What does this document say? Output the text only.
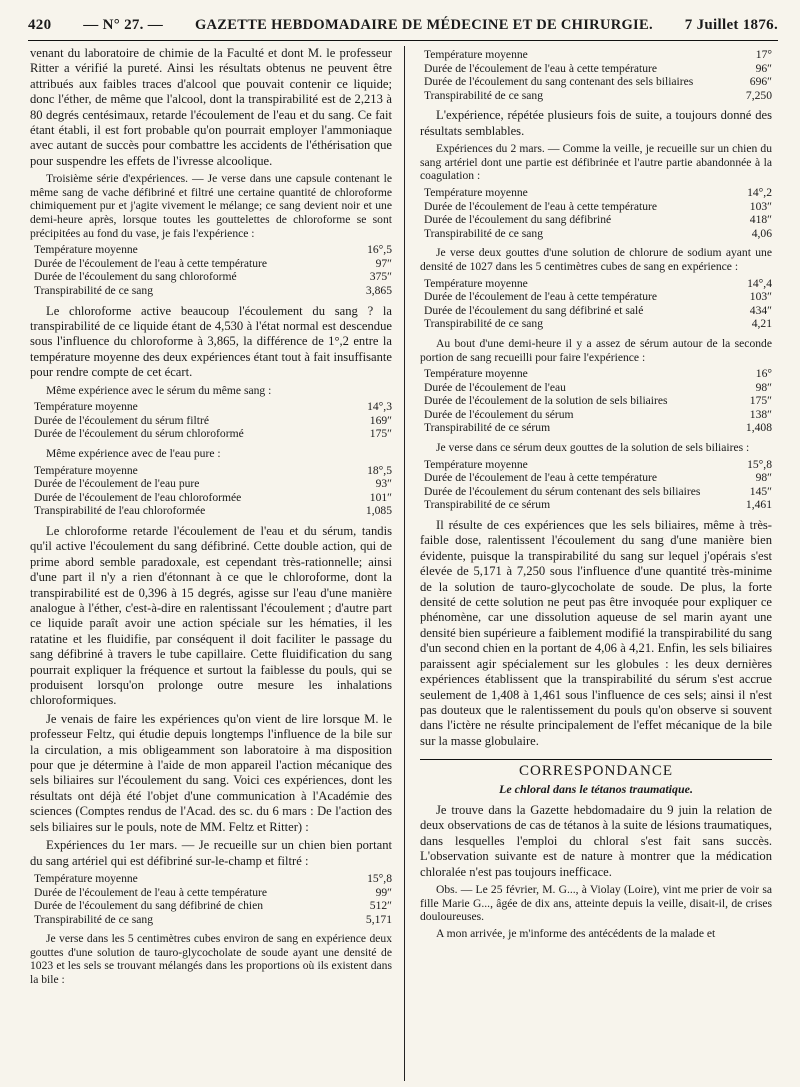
420 — N° 27. — GAZETTE HEBDOMADAIRE DE MÉDECINE ET DE CHIRURGIE. 7 Juillet 1876.

venant du laboratoire de chimie de la Faculté et dont M. le professeur Ritter a vérifié la pureté. Ainsi les résultats obtenus ne peuvent être attribués aux faibles traces d'alcool que pouvait contenir ce liquide; donc l'éther, de même que l'alcool, dont la transpirabilité est de 2,213 à 80 degrés centésimaux, retarde l'écoulement de l'eau et du sang. Ce fait étant établi, il est fort probable qu'on pourrait employer l'ammoniaque avec autant de succès pour combattre les accidents de l'éthérisation que pour suspendre les effets de l'ivresse alcoolique.

Troisième série d'expériences. — Je verse dans une capsule contenant le même sang de vache défibriné et filtré une certaine quantité de chloroforme chimiquement pur et j'agite vivement le mélange; ce sang devient noir et une demi-heure après, lorsque toutes les gouttelettes de chloroforme se sont précipitées au fond du vase, je fais l'expérience :

Température moyenne	16°,5
Durée de l'écoulement de l'eau à cette température	97″
Durée de l'écoulement du sang chloroformé	375″
Transpirabilité de ce sang	3,865

Le chloroforme active beaucoup l'écoulement du sang ? la transpirabilité de ce liquide étant de 4,530 à l'état normal est descendue sous l'influence du chloroforme à 3,865, la différence de 1°,2 entre la température moyenne des deux expériences étant tout à fait insuffisante pour rendre compte de cet écart.

Même expérience avec le sérum du même sang :

Température moyenne	14°,3
Durée de l'écoulement du sérum filtré	169″
Durée de l'écoulement du sérum chloroformé	175″

Même expérience avec de l'eau pure :

Température moyenne	18°,5
Durée de l'écoulement de l'eau pure	93″
Durée de l'écoulement de l'eau chloroformée	101″
Transpirabilité de l'eau chloroformée	1,085

Le chloroforme retarde l'écoulement de l'eau et du sérum, tandis qu'il active l'écoulement du sang défibriné. Cette double action, qui de prime abord semble paradoxale, est cependant très-rationnelle; ainsi d'une part il n'y a rien d'étonnant à ce que le chloroforme, dont la transpirabilité est de 0,396 à 15 degrés, agisse sur l'eau d'une manière analogue à l'éther, c'est-à-dire en ralentissant l'écoulement ; d'autre part ce liquide paraît avoir une action spéciale sur les hématies, il les ratatine et les fluidifie, par conséquent il doit faciliter le passage du sang défibriné à travers le tube capillaire. Cette fluidification du sang pourrait expliquer la fréquence et surtout la faiblesse du pouls, qui se produisent lorsqu'on prolonge outre mesure les inhalations chloroformiques.

Je venais de faire les expériences qu'on vient de lire lorsque M. le professeur Feltz, qui étudie depuis longtemps l'influence de la bile sur la circulation, a mis obligeamment son laboratoire à ma disposition pour que je détermine à l'aide de mon appareil l'action mécanique des sels biliaires sur l'écoulement du sang. Voici ces expériences, dont les résultats ont déjà été l'objet d'une communication à l'Académie des sciences (Comptes rendus de l'Acad. des sc. du 6 mars : De l'action des sels biliaires sur le pouls, note de MM. Feltz et Ritter) :

Expériences du 1er mars. — Je recueille sur un chien bien portant du sang artériel qui est défibriné sur-le-champ et filtré :

Température moyenne	15°,8
Durée de l'écoulement de l'eau à cette température	99″
Durée de l'écoulement du sang défibriné de chien	512″
Transpirabilité de ce sang	5,171

Je verse dans les 5 centimètres cubes environ de sang en expérience deux gouttes d'une solution de tauro-glycocholate de soude ayant une densité de 1023 et les sels se trouvant mélangés dans les proportions où ils existent dans la bile :

Température moyenne	17°
Durée de l'écoulement de l'eau à cette température	96″
Durée de l'écoulement du sang contenant des sels biliaires	696″
Transpirabilité de ce sang	7,250

L'expérience, répétée plusieurs fois de suite, a toujours donné des résultats semblables.

Expériences du 2 mars. — Comme la veille, je recueille sur un chien du sang artériel dont une partie est défibrinée et l'autre partie abandonnée à la coagulation :

Température moyenne	14°,2
Durée de l'écoulement de l'eau à cette température	103″
Durée de l'écoulement du sang défibriné	418″
Transpirabilité de ce sang	4,06

Je verse deux gouttes d'une solution de chlorure de sodium ayant une densité de 1027 dans les 5 centimètres cubes de sang en expérience :

Température moyenne	14°,4
Durée de l'écoulement de l'eau à cette température	103″
Durée de l'écoulement du sang défibriné et salé	434″
Transpirabilité de ce sang	4,21

Au bout d'une demi-heure il y a assez de sérum autour de la seconde portion de sang recueilli pour faire l'expérience :

Température moyenne	16°
Durée de l'écoulement de l'eau	98″
Durée de l'écoulement de la solution de sels biliaires	175″
Durée de l'écoulement du sérum	138″
Transpirabilité de ce sérum	1,408

Je verse dans ce sérum deux gouttes de la solution de sels biliaires :

Température moyenne	15°,8
Durée de l'écoulement de l'eau à cette température	98″
Durée de l'écoulement du sérum contenant des sels biliaires	145″
Transpirabilité de ce sérum	1,461

Il résulte de ces expériences que les sels biliaires, même à très-faible dose, ralentissent l'écoulement du sang d'une manière bien évidente, puisque la transpirabilité du sang sur lequel j'opérais s'est élevée de 5,171 à 7,250 sous l'influence d'une quantité très-minime de la solution de tauro-glycocholate de soude. De plus, la forte densité de cette solution ne peut pas être invoquée pour expliquer ce phénomène, car une dissolution aqueuse de sel marin ayant une densité bien supérieure a faiblement modifié la transpirabilité du sang d'un second chien en la portant de 4,06 à 4,21. Enfin, les sels biliaires paraissent agir spécialement sur les globules : les deux dernières expériences établissent que la transpirabilité du sérum s'est accrue seulement de 1,408 à 1,461 sous l'influence de ces sels; ainsi il n'est pas douteux que le ralentissement du pouls qu'on observe si souvent dans l'ictère ne résulte principalement de l'effet mécanique de la bile sur la masse globulaire.

CORRESPONDANCE
Le chloral dans le tétanos traumatique.

Je trouve dans la Gazette hebdomadaire du 9 juin la relation de deux observations de cas de tétanos à la suite de lésions traumatiques, dans lesquelles l'emploi du chloral s'est fait sans succès. L'observation suivante est de nature à montrer que la médication chloralée n'est pas toujours inefficace.

Obs. — Le 25 février, M. G..., à Violay (Loire), vint me prier de voir sa fille Marie G..., âgée de dix ans, atteinte depuis la veille, disait-il, de crises douloureuses.

A mon arrivée, je m'informe des antécédents de la malade et
